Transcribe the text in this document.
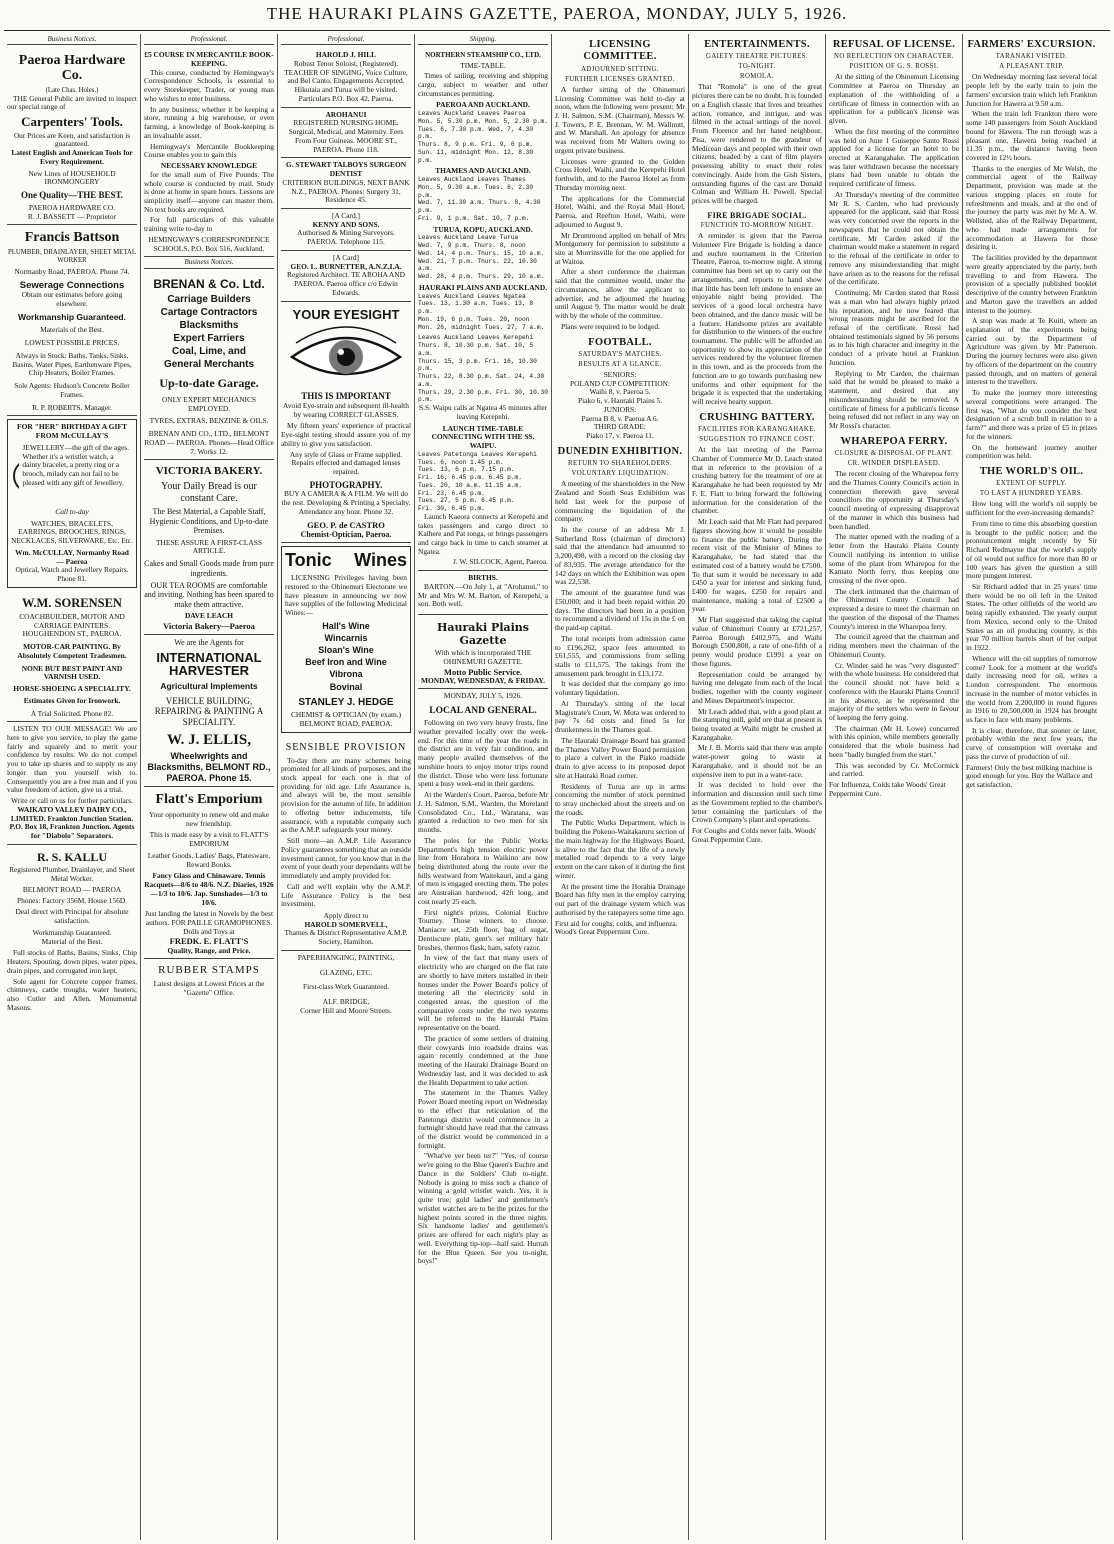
THE HAURAKI PLAINS GAZETTE, PAEROA, MONDAY, JULY 5, 1926.
Business Notices.
Paeroa Hardware Co.
(Late Chas. Holes.)

THE General Public are invited to inspect our special range of

Carpenters' Tools.
Our Prices are Keen, and satisfaction is guaranteed.
Latest English and American Tools for Every Requirement.
New Lines of HOUSEHOLD IRONMONGERY
One Quality—THE BEST.
PAEROA HARDWARE CO.
R. J. BASSETT — Proprietor
Francis Battson
PLUMBER, DRAINLAYER, SHEET METAL WORKER
Normanby Road, PAEROA. Phone 74.
Sewerage Connections
Obtain our estimates before going elsewhere.
Workmanship Guaranteed.
Materials of the Best.
LOWEST POSSIBLE PRICES.
Always in Stock: Baths, Tanks, Sinks, Basins, Water Pipes, Earthenware Pipes, Chip Heaters, Boiler Frames.
Sole Agents: Hudson's Concrete Boiler Frames.
R. P. ROBERTS, Manager.
FOR "HER" BIRTHDAY A GIFT FROM McCULLAY'S
JEWELLERY—the gift of the ages. Whether it's a wristlet watch, a dainty bracelet, a pretty ring or a brooch, milady can not fail to be pleased with any gift of Jewellery.
Call to-day
WATCHES, BRACELETS, EARRINGS, BROOCHES, RINGS, NECKLACES, SILVERWARE, Etc. Etc.
Wm. McCULLAY, Normanby Road — Paeroa
Optical, Watch and Jewellery Repairs. Phone 81.
W.M. SORENSEN
COACHBUILDER, MOTOR AND CARRIAGE PAINTERS. HOUGHENDON ST., PAEROA.
MOTOR-CAR PAINTING. By Absolutely Competent Tradesmen.
NONE BUT BEST PAINT AND VARNISH USED.
HORSE-SHOEING A SPECIALITY.
Estimates Given for Ironwork.
A Trial Solicited. Phone 82.

LISTEN TO OUR MESSAGE! We are here to give you service, to play the game fairly and squarely and to merit your confidence by results. We do not compel you to take up shares and to supply us any longer than you yourself wish to. Consequently you are a free man and if you value freedom of action, give us a trial.

Write or call on us for further particulars.
WAIKATO VALLEY DAIRY CO., LIMITED. Frankton Junction Station. P.O. Box 18, Frankton Junction. Agents for "Diabolo" Separators.
R. S. KALLU
Registered Plumber, Drainlayer, and Sheet Metal Worker.
BELMONT ROAD — PAEROA
Phones: Factory 356M, House 156D.
Deal direct with Principal for absolute satisfaction.
Workmanship Guaranteed.
Material of the Best.

Full stocks of Baths, Basins, Sinks, Chip Heaters, Spouting, down pipes, water pipes, drain pipes, and corrugated iron kept.

Sole agent for Concrete copper frames, chimneys, cattle troughs, water heaters; also Cutler and Allen, Monumental Masons.

Professional.
£5 COURSE IN MERCANTILE BOOK-KEEPING.

This course, conducted by Hemingway's Correspondence Schools, is essential to every Storekeeper, Trader, or young man who wishes to enter business.

In any business, whether it be keeping a store, running a big warehouse, or even farming, a knowledge of Book-keeping is an invaluable asset.

Hemingway's Mercantile Bookkeeping Course enables you to gain this

NECESSARY KNOWLEDGE

for the small sum of Five Pounds. The whole course is conducted by mail. Study is done at home in spare hours. Lessons are simplicity itself—anyone can master them. No text books are required.

For full particulars of this valuable training write to-day to

HEMINGWAY'S CORRESPONDENCE SCHOOLS, P.O. Box 516, Auckland.
Business Notices.
BRENAN & Co. Ltd.
Carriage Builders
Cartage Contractors
Blacksmiths
Expert Farriers
Coal, Lime, and
General Merchants
Up-to-date Garage.
ONLY EXPERT MECHANICS EMPLOYED.
TYRES, EXTRAS, BENZINE & OILS.
BRENAN AND CO., LTD., BELMONT ROAD — PAEROA. Phones—Head Office 7, Works 12.
VICTORIA BAKERY.
Your Daily Bread is our constant Care.
The Best Material, a Capable Staff, Hygienic Conditions, and Up-to-date Premises.
THESE ASSURE A FIRST-CLASS ARTICLE.
Cakes and Small Goods made from pure ingredients.
OUR TEA ROOMS are comfortable and inviting. Nothing has been spared to make them attractive.
DAVE LEACH
Victoria Bakery—Paeroa
We are the Agents for
INTERNATIONAL HARVESTER
Agricultural Implements
VEHICLE BUILDING, REPAIRING & PAINTING A SPECIALITY.
W. J. ELLIS,
Wheelwrights and Blacksmiths, BELMONT RD., PAEROA. Phone 15.
Flatt's Emporium
Your opportunity to renew old and make new friendship.
This is made easy by a visit to FLATT'S EMPORIUM
Leather Goods, Ladies' Bags, Platesware, Reward Books.
Fancy Glass and Chinaware. Tennis Racquets—8/6 to 48/6. N.Z. Diaries, 1926—1/3 to 10/6. Jap. Sunshades—1/3 to 10/6.
Just landing the latest in Novels by the best authors. FOR PAILLE GRAMOPHONES. Dolls and Toys at
FREDK. E. FLATT'S
Quality, Range, and Price.
RUBBER STAMPS
Latest designs at Lowest Prices at the "Gazette" Office.
Professional.
HAROLD J. HILL
Robust Tenor Soloist, (Registered).
TEACHER OF SINGING, Voice Culture, and Bel Canto. Engagements Accepted.
Hikutaia and Turua will be visited. Particulars P.O. Box 42, Paeroa.
AROHANUI
REGISTERED NURSING HOME. Surgical, Medical, and Maternity. Fees From Four Guineas. MOORE ST., PAEROA. Phone 118.
G. STEWART TALBOYS SURGEON DENTIST
CRITERION BUILDINGS, NEXT BANK N.Z., PAEROA. Phones: Surgery 31, Residence 45.
[A Card.]
KENNY AND SONS.
Authorised & Mining Surveyors. PAEROA. Telephone 115.
[A Card]
GEO. L. BURNETTER, A.N.Z.I.A.
Registered Architect. TE AROHA AND PAEROA. Paeroa office c/o Edwin Edwards.
YOUR EYESIGHT
THIS IS IMPORTANT
Avoid Eye-strain and subsequent ill-health by wearing CORRECT GLASSES.

My fifteen years' experience of practical Eye-sight testing should assure you of my ability to give you satisfaction.

Any style of Glass or Frame supplied.
Repairs effected and damaged lenses repaired.
PHOTOGRAPHY.
BUY A CAMERA & A FILM. We will do the rest. Developing & Printing a Specialty. Attendance any hour. Phone 32.
GEO. P. de CASTRO
Chemist-Optician, Paeroa.
Tonic Wines

LICENSING Privileges having been restored to the Ohinemuri Electorate we have pleasure in announcing we now have supplies of the following Medicinal Wines:—

Hall's Wine
Wincarnis
Sloan's Wine
Beef Iron and Wine
Vibrona
Bovinal
STANLEY J. HEDGE
CHEMIST & OPTICIAN (by exam.) BELMONT ROAD, PAEROA.
SENSIBLE PROVISION

To-day there are many schemes being promoted for all kinds of purposes, and the stock appeal for each one is that of providing for old age. Life Assurance is, and always will be, the most sensible provision for the autumn of life. In addition to offering better inducements, life assurance, with a reputable company such as the A.M.P. safeguards your money.

Still more—an A.M.P. Life Assurance Policy guarantees something that an outside investment cannot, for you know that in the event of your death your dependants will be immediately and amply provided for.

Call and we'll explain why the A.M.P. Life Assurance Policy is the best investment.

Apply direct to
HAROLD SOMERVELL,
Thames & District Representative A.M.P. Society, Hamilton.
PAPERHANGING, PAINTING,
GLAZING, ETC.
First-class Work Guaranteed.
ALF. BRIDGE,
Corner Hill and Moore Streets.
Shipping.
NORTHERN STEAMSHIP CO., LTD.
TIME-TABLE.

Times of sailing, receiving and shipping cargo, subject to weather and other circumstances permitting.

PAEROA AND AUCKLAND.
Leaves Auckland Leaves Paeroa
Mon. 5, 5.30 p.m. Mon. 5, 2.30 p.m.
Tues. 6, 7.30 p.m. Wed. 7, 4.30 p.m.
Thurs. 8, 9 p.m. Fri. 9, 6 p.m.
Sun. 11, midnight Mon. 12, 8.30 p.m.
THAMES AND AUCKLAND.
Leaves Auckland Leaves Thames
Mon. 5, 9.30 a.m. Tues. 6, 2.30 p.m.
Wed. 7, 11.30 a.m. Thurs. 8, 4.30 p.m.
Fri. 9, 1 p.m. Sat. 10, 7 p.m.
TURUA, KOPU, AUCKLAND.
Leaves Auckland Leave Turua
Wed. 7, 9 p.m. Thurs. 8, noon
Wed. 14, 4 p.m. Thurs. 15, 10 a.m.
Wed. 21, 7 p.m. Thurs. 22, 10.30 a.m.
Wed. 28, 4 p.m. Thurs. 29, 10 a.m.
HAURAKI PLAINS AND AUCKLAND.
Leaves Auckland Leaves Ngatea
Tues. 13, 1.30 a.m. Tues. 13, 8 p.m.
Mon. 19, 6 p.m. Tues. 20, noon
Mon. 26, midnight Tues. 27, 7 a.m.
Leaves Auckland Leaves Kerepehi
Thurs. 8, 10.30 p.m. Sat. 10, 5 a.m.
Thurs. 15, 3 p.m. Fri. 16, 10.30 p.m.
Thurs. 22, 8.30 p.m. Sat. 24, 4.30 a.m.
Thurs. 29, 2.30 p.m. Fri. 30, 10.30 p.m.
S.S. Waipu calls at Ngatea 45 minutes after leaving Kerepehi.
LAUNCH TIME-TABLE CONNECTING WITH THE SS. WAIPU.
Leaves Patetonga Leaves Kerepehi
Tues. 6, noon 1.45 p.m.
Tues. 13, 6 p.m. 7.15 p.m.
Fri. 16, 6.45 p.m. 6.45 p.m.
Tues. 20, 10 a.m. 11.15 a.m.
Fri. 23, 6.45 p.m.
Tues. 27, 5 p.m. 6.45 p.m.
Fri. 30, 6.45 p.m.

Launch Kaeora connects at Kerepehi and takes passengers and cargo direct to Kaihere and Pat tonga, or brings passengers and cargo back in time to catch steamer at Ngatea.

J. W. SILCOCK, Agent, Paeroa.
BIRTHS.

BARTON.—On July 1, at "Arohanui," to Mr and Mrs W. M. Barton, of Kerepehi, a son. Both well.

Hauraki Plains Gazette
With which is incorporated THE OHINEMURI GAZETTE.
Motto Public Service.
MONDAY, WEDNESDAY, & FRIDAY.
MONDAY, JULY 5, 1926.
LOCAL AND GENERAL.

Following on two very heavy frosts, fine weather prevailed locally over the week-end. For this time of the year the roads in the district are in very fair condition, and many people availed themselves of the sunshine hours to enjoy motor trips round the district. Those who were less fortunate spent a busy week-end in their gardens.

At the Warden's Court, Paeroa, before Mr J. H. Salmon, S.M., Warden, the Moreland Consolidated Co., Ltd., Waratana, was granted a reduction to two men for six months.

The poles for the Public Works Department's high tension electric power line from Horahora to Waikino are now being distributed along the route over the hills westward from Waitekauri, and a gang of men is engaged erecting them. The poles are Australian hardwood, 42ft long, and cost nearly 25 each.

First night's prizes, Colonial Euchre Tourney. Those winners to choose. Maniacre set, 25th floor, bag of sugar, Dentiscure plate, gent's set military hair brushes, thermos flask, ham, safety razor.

In view of the fact that many users of electricity who are charged on the flat rate are shortly to have meters installed in their houses under the Power Board's policy of metering all the electricity sold in congested areas, the question of the comparative costs under the two systems will be referred to the Hauraki Plains representative on the board.

The practice of some settlers of draining their cowyards into roadside drains was again recently condemned at the June meeting of the Hauraki Drainage Board on Wednesday last, and it was decided to ask the Health Department to take action.

The statement in the Thames Valley Power Board meeting report on Wednesday to the effect that reticulation of the Patetonga district would commence in a fortnight should have read that the canvass of the district would be commenced in a fortnight.

"What've yer been ter?" "Yes, of course we're going to the Blue Queen's Euchre and Dance in the Soldiers' Club to-night. Nobody is going to miss such a chance of winning a gold wristlet watch. Yes, it is quite true; gold ladies' and gentlemen's wristlet watches are to be the prizes for the highest points scored in the three nights. Six handsome ladies' and gentlemen's prizes are offered for each night's play as well. Everything tip-top—half said. Hurrah for the Blue Queen. See you to-night, boys!"

LICENSING COMMITTEE.
ADJOURNED SITTING.
FURTHER LICENSES GRANTED.

A further sitting of the Ohinemuri Licensing Committee was held to-day at noon, when the following were present: Mr J. H. Salmon, S.M. (Chairman), Messrs W. J. Towers, P. E. Brennan, W. M. Wallnutt, and W. Marshall. An apology for absence was received from Mr Walters owing to urgent private business.

Licenses were granted to the Golden Cross Hotel, Waihi, and the Kerepehi Hotel forthwith, and to the Paeroa Hotel as from Thursday morning next.

The applications for the Commercial Hotel, Waihi, and the Royal Mail Hotel, Paeroa, and Reefton Hotel, Waihi, were adjourned to August 9.

Mr Drummond applied on behalf of Mrs Montgomery for permission to substitute a site at Morrinsville for the one applied for at Waitoa.

After a short conference the chairman said that the committee would, under the circumstances, allow the applicant to advertise, and he adjourned the hearing until August 9. The matter would be dealt with by the whole of the committee.

Plans were required to be lodged.

FOOTBALL.
SATURDAY'S MATCHES.
RESULTS AT A GLANCE.
SENIORS:
POLAND CUP COMPETITION:
Waihi 8, v. Paeroa 5.
Piako 6, v. Hauraki Plains 5.
JUNIORS:
Paeroa B 8, v. Paeroa A 6.
THIRD GRADE:
Piako 17, v. Paeroa 11.
DUNEDIN EXHIBITION.
RETURN TO SHAREHOLDERS.
VOLUNTARY LIQUIDATION.

A meeting of the shareholders in the New Zealand and South Seas Exhibition was held last week for the purpose of commencing the liquidation of the company.

In the course of an address Mr J. Sutherland Ross (chairman of directors) said that the attendance had amounted to 3,200,498, with a record on the closing day of 83,935. The average attendance for the 142 days on which the Exhibition was open was 22,538.

The amount of the guarantee fund was £50,000; and it had been repaid within 20 days. The directors had been in a position to recommend a dividend of 15s in the £ on the paid-up capital.

The total receipts from admission came to £196,262, space fees amounted to £61,555, and commissions from selling stalls to £11,575. The takings from the amusement park brought in £13,172.

It was decided that the company go into voluntary liquidation.

At Thursday's sitting of the local Magistrate's Court, W. Mota was ordered to pay 7s 6d costs and fined 5s for drunkenness in the Thames goal.

The Hauraki Drainage Board has granted the Thames Valley Power Board permission to place a culvert in the Piako roadside drain to give access to its proposed depot site at Hauraki Road corner.

Residents of Turua are up in arms concerning the number of stock permitted to stray unchecked about the streets and on the roads.

The Public Works Department, which is building the Pokeno-Waitakaruru section of the main highway for the Highways Board, is alive to the fact that the life of a newly metalled road depends to a very large extent on the care taken of it during the first winter.

At the present time the Horahia Drainage Board has fifty men in the employ carrying out part of the drainage system which was authorised by the ratepayers some time ago.

First aid for coughs, colds, and influenza.
Wood's Great Peppermint Cure.
ENTERTAINMENTS.
GAIETY THEATRE PICTURES.
TO-NIGHT.
ROMOLA.

That "Romola" is one of the great pictures there can be no doubt. It is founded on a English classic that lives and breathes action, romance, and intrigue, and was filmed in the actual settings of the novel. From Florence and her hated neighbour, Pisa, were rendered to the grandeur of Medicean days and peopled with their own citizens, headed by a cast of film players possessing ability to enact their roles convincingly. Aside from the Gish Sisters, outstanding figures of the cast are Donald Colman and William H. Powell. Special prices will be charged.

FIRE BRIGADE SOCIAL.
FUNCTION TO-MORROW NIGHT.

A reminder is given that the Paeroa Volunteer Fire Brigade is holding a dance and euchre tournament in the Criterion Theatre, Paeroa, to-morrow night. A strong committee has been set up to carry out the arrangements, and reports to hand show that little has been left undone to ensure an enjoyable night being provided. The services of a good local orchestra have been obtained, and the dance music will be a feature. Handsome prizes are available for distribution to the winners of the euchre tournament. The public will be afforded an opportunity to show its appreciation of the services rendered by the volunteer firemen in this town, and as the proceeds from the function are to go towards purchasing new uniforms and other equipment for the brigade it is expected that the undertaking will receive hearty support.

CRUSHING BATTERY.
FACILITIES FOR KARANGAHAKE.
SUGGESTION TO FINANCE COST.

At the last meeting of the Paeroa Chamber of Commerce Mr D. Leach stated that in reference to the provision of a crushing battery for the treatment of ore at Karangahake he had been requested by Mr F. E. Flatt to bring forward the following information for the consideration of the chamber.

Mr Leach said that Mr Flatt had prepared figures showing how it would be possible to finance the public battery. During the recent visit of the Minister of Mines to Karangahake, he had stated that the estimated cost of a battery would be £7500. To that sum it would be necessary to add £450 a year for interest and sinking fund, £400 for wages, £250 for repairs and maintenance, making a total of £2500 a year.

Mr Flatt suggested that taking the capital value of Ohinemuri County at £721,257, Paeroa Borough £402,975, and Waihi Borough £500,808, a rate of one-fifth of a penny would produce £1991 a year on those figures.

Representation could be arranged by having one delegate from each of the local bodies, together with the county engineer and Mines Department's inspector.

Mr Leach added that, with a good plant at the stamping mill, gold ore that at present is being treated at Waihi might be crushed at Karangahake.

Mr J. B. Morris said that there was ample water-power going to waste at Karangahake, and it should not be an expensive item to put in a water-race.

It was decided to hold over the information and discussion until such time as the Government replied to the chamber's letter containing the particulars of the Crown Company's plant and operations.

For Coughs and Colds never fails. Woods' Great Peppermint Cure.
REFUSAL OF LICENSE.
NO REFLECTION ON CHARACTER.
POSITION OF G. S. ROSSI.

At the sitting of the Ohinemuri Licensing Committee at Paeroa on Thursday an explanation of the withholding of a certificate of fitness in connection with an application for a publican's license was given.

When the first meeting of the committee was held on June 1 Guiseppe Santo Rossi applied for a license for an hotel to be erected at Karangahake. The application was later withdrawn because the necessary plans had been unable to obtain the required certificate of fitness.

At Thursday's meeting of the committee Mr R. S. Carden, who had previously appeared for the applicant, said that Rossi was very concerned over the reports in the newspapers that he could not obtain the certificate. Mr Carden asked if the chairman would make a statement in regard to the refusal of the certificate in order to remove any misunderstanding that might have arisen as to the reasons for the refusal of the certificate.

Continuing, Mr Carden stated that Rossi was a man who had always highly prized his reputation, and he now feared that wrong reasons might be ascribed for the refusal of the certificate. Rossi had obtained testimonials signed by 56 persons as to his high character and integrity in the conduct of a private hotel at Frankton Junction.

Replying to Mr Carden, the chairman said that he would be pleased to make a statement, and desired that any misunderstanding should be removed. A certificate of fitness for a publican's license being refused did not reflect in any way on Mr Rossi's character.

WHAREPOA FERRY.
CLOSURE & DISPOSAL OF PLANT.
CR. WINDER DISPLEASED.

The recent closing of the Wharepoa ferry and the Thames County Council's action in connection therewith gave several councillors the opportunity at Thursday's council meeting of expressing disapproval of the manner in which this business had been handled.

The matter opened with the reading of a letter from the Hauraki Plains County Council notifying its intention to utilise some of the plant from Wharepoa for the Kamato North ferry, thus keeping one crossing of the river open.

The clerk intimated that the chairman of the Ohinemuri County Council had expressed a desire to meet the chairman on the question of the disposal of the Thames County's interest in the Wharepoa ferry.

The council agreed that the chairman and riding members meet the chairman of the Ohinemuri County.

Cr. Winder said he was "very disgusted" with the whole business. He considered that the council should not have held a conference with the Hauraki Plains Council in his absence, as he represented the majority of the settlers who were in favour of keeping the ferry going.

The chairman (Mr H. Lowe) concurred with this opinion, while members generally considered that the whole business had been "badly bungled from the start."

This was seconded by Cr. McCormick and carried.

For Influenza, Colds take Woods' Great Peppermint Cure.
FARMERS' EXCURSION.
TARANAKI VISITED.
A PLEASANT TRIP.

On Wednesday morning last several local people left by the early train to join the farmers' excursion train which left Frankton Junction for Hawera at 9.50 a.m.

When the train left Frankton there were some 140 passengers from South Auckland bound for Hawera. The run through was a pleasant one, Hawera being reached at 11.35 p.m., the distance having been covered in 12½ hours.

Thanks to the energies of Mr Welsh, the commercial agent of the Railway Department, provision was made at the various stopping places en route for refreshments and meals, and at the end of the journey the party was met by Mr A. W. Wellsted, also of the Railway Department, who had made arrangements for accommodation at Hawera for those desiring it.

The facilities provided by the department were greatly appreciated by the party, both travelling to and from Hawera. The provision of a specially published booklet descriptive of the country between Frankton and Marton gave the travellers an added interest to the journey.

A stop was made at Te Kuiti, where an explanation of the experiments being carried out by the Department of Agriculture was given by Mr Patterson. During the journey lectures were also given by officers of the department on the country passed through, and on matters of general interest to the travellers.

To make the journey more interesting several competitions were arranged. The first was, "What do you consider the best designation of a scrub bull in relation to a farm?" and there was a prize of £5 in prizes for the winners.

On the homeward journey another competition was held.

THE WORLD'S OIL.
EXTENT OF SUPPLY.
TO LAST A HUNDRED YEARS.

How long will the world's oil supply be sufficient for the ever-increasing demands?

From time to time this absorbing question is brought to the public notice; and the pronouncement might recently by Sir Richard Redmayne that the world's supply of oil would not suffice for more than 80 or 100 years has given the question a still more pungent interest.

Sir Richard added that in 25 years' time there would be no oil left in the United States. The other oilfields of the world are being rapidly exhausted. The yearly output from Mexico, second only to the United States as an oil producing country, is this year 70 million barrels short of her output in 1922.

Whence will the oil supplies of tomorrow come? Look for a moment at the world's daily increasing need for oil, writes a London correspondent. The enormous increase in the number of motor vehicles in the world from 2,200,000 in round figures in 1916 to 20,500,000 in 1924 has brought us face to face with many problems.

It is clear, therefore, that sooner or later, probably within the next few years, the curve of consumption will overtake and pass the curve of production of oil.

Farmers! Only the best milking machine is good enough for you. Buy the Wallace and get satisfaction.
